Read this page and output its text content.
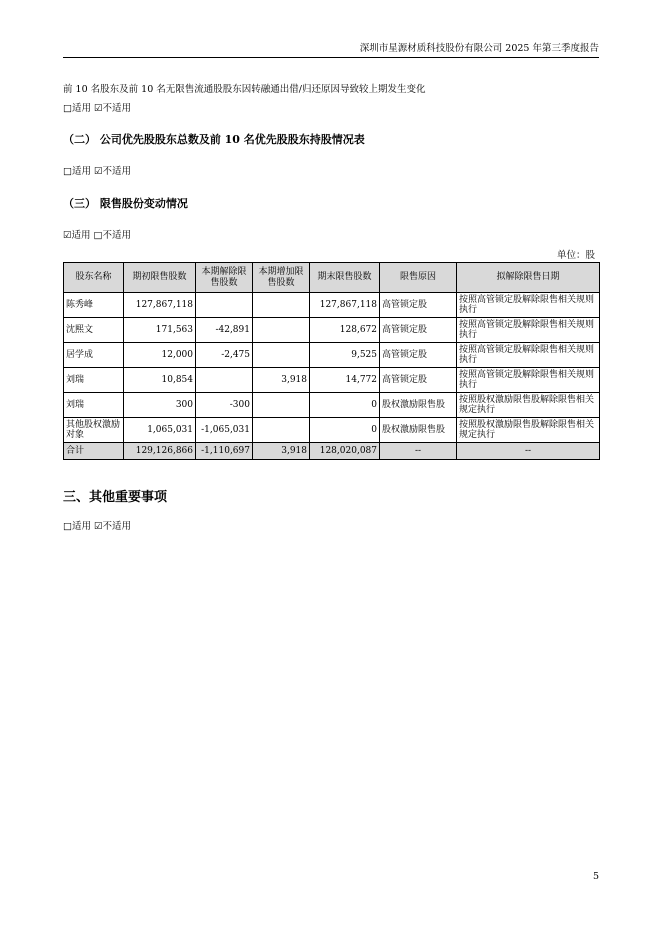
深圳市星源材质科技股份有限公司 2025 年第三季度报告
前 10 名股东及前 10 名无限售流通股股东因转融通出借/归还原因导致较上期发生变化
□适用 ☑不适用
（二） 公司优先股股东总数及前 10 名优先股股东持股情况表
□适用 ☑不适用
（三） 限售股份变动情况
☑适用 □不适用
单位：股
股东名称	期初限售股数	本期解除限售股数	本期增加限售股数	期末限售股数	限售原因	拟解除限售日期
陈秀峰	127,867,118			127,867,118	高管锁定股	按照高管锁定股解除限售相关规则执行
沈熙文	171,563	-42,891		128,672	高管锁定股	按照高管锁定股解除限售相关规则执行
居学成	12,000	-2,475		9,525	高管锁定股	按照高管锁定股解除限售相关规则执行
刘瑞	10,854		3,918	14,772	高管锁定股	按照高管锁定股解除限售相关规则执行
刘瑞	300	-300		0	股权激励限售股	按照股权激励限售股解除限售相关规定执行
其他股权激励对象	1,065,031	-1,065,031		0	股权激励限售股	按照股权激励限售股解除限售相关规定执行
合计	129,126,866	-1,110,697	3,918	128,020,087	--	--
三、其他重要事项
□适用 ☑不适用
5
